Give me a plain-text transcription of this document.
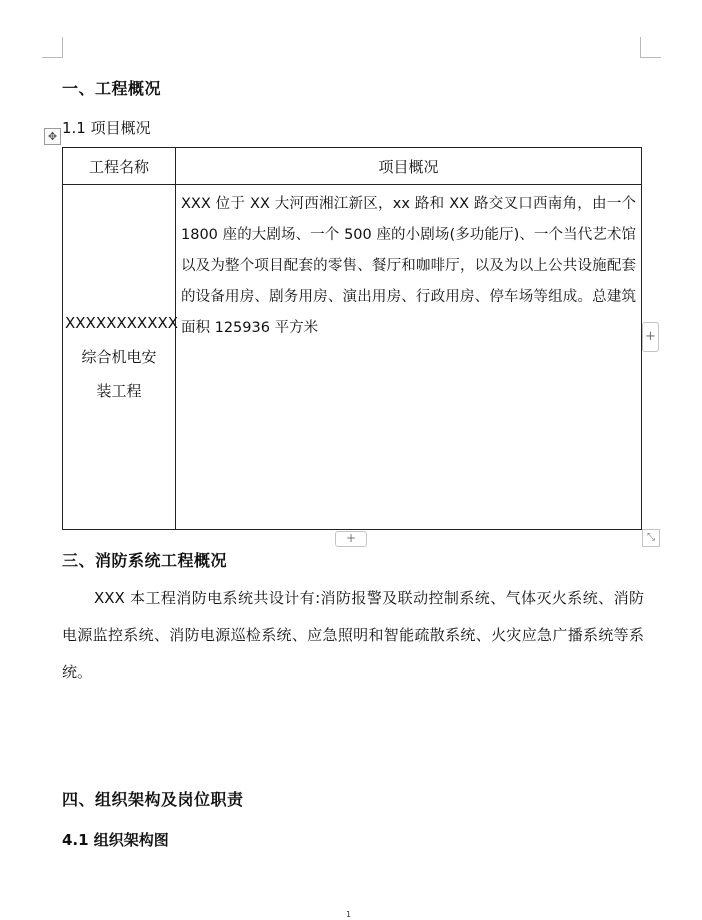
一、工程概况
1.1 项目概况
✥
工程名称	项目概况

XXXXXXXXXXX
综合机电安
装工程	XXX 位于 XX 大河西湘江新区，xx 路和 XX 路交叉口西南角，由一个 1800 座的大剧场、一个 500 座的小剧场(多功能厅)、一个当代艺术馆以及为整个项目配套的零售、餐厅和咖啡厅，以及为以上公共设施配套的设备用房、剧务用房、演出用房、行政用房、停车场等组成。总建筑面积 125936 平方米
+
+	⤡
三、消防系统工程概况
XXX 本工程消防电系统共设计有:消防报警及联动控制系统、气体灭火系统、消防电源监控系统、消防电源巡检系统、应急照明和智能疏散系统、火灾应急广播系统等系统。
四、组织架构及岗位职责
4.1 组织架构图
1
